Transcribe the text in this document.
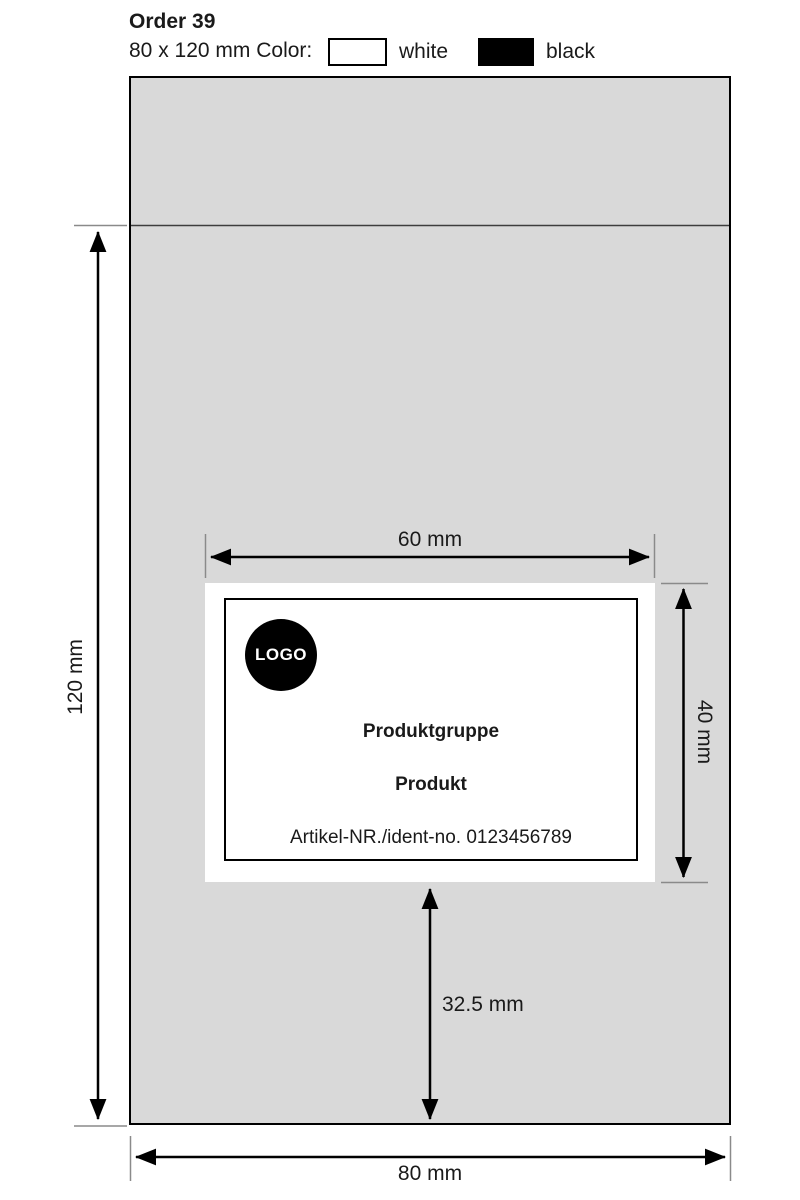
Order 39
80 x 120 mm Color:	white	black
LOGO
Produktgruppe
Produkt
Artikel-NR./ident-no. 0123456789
60 mm
120 mm
40 mm
32.5 mm
80 mm
